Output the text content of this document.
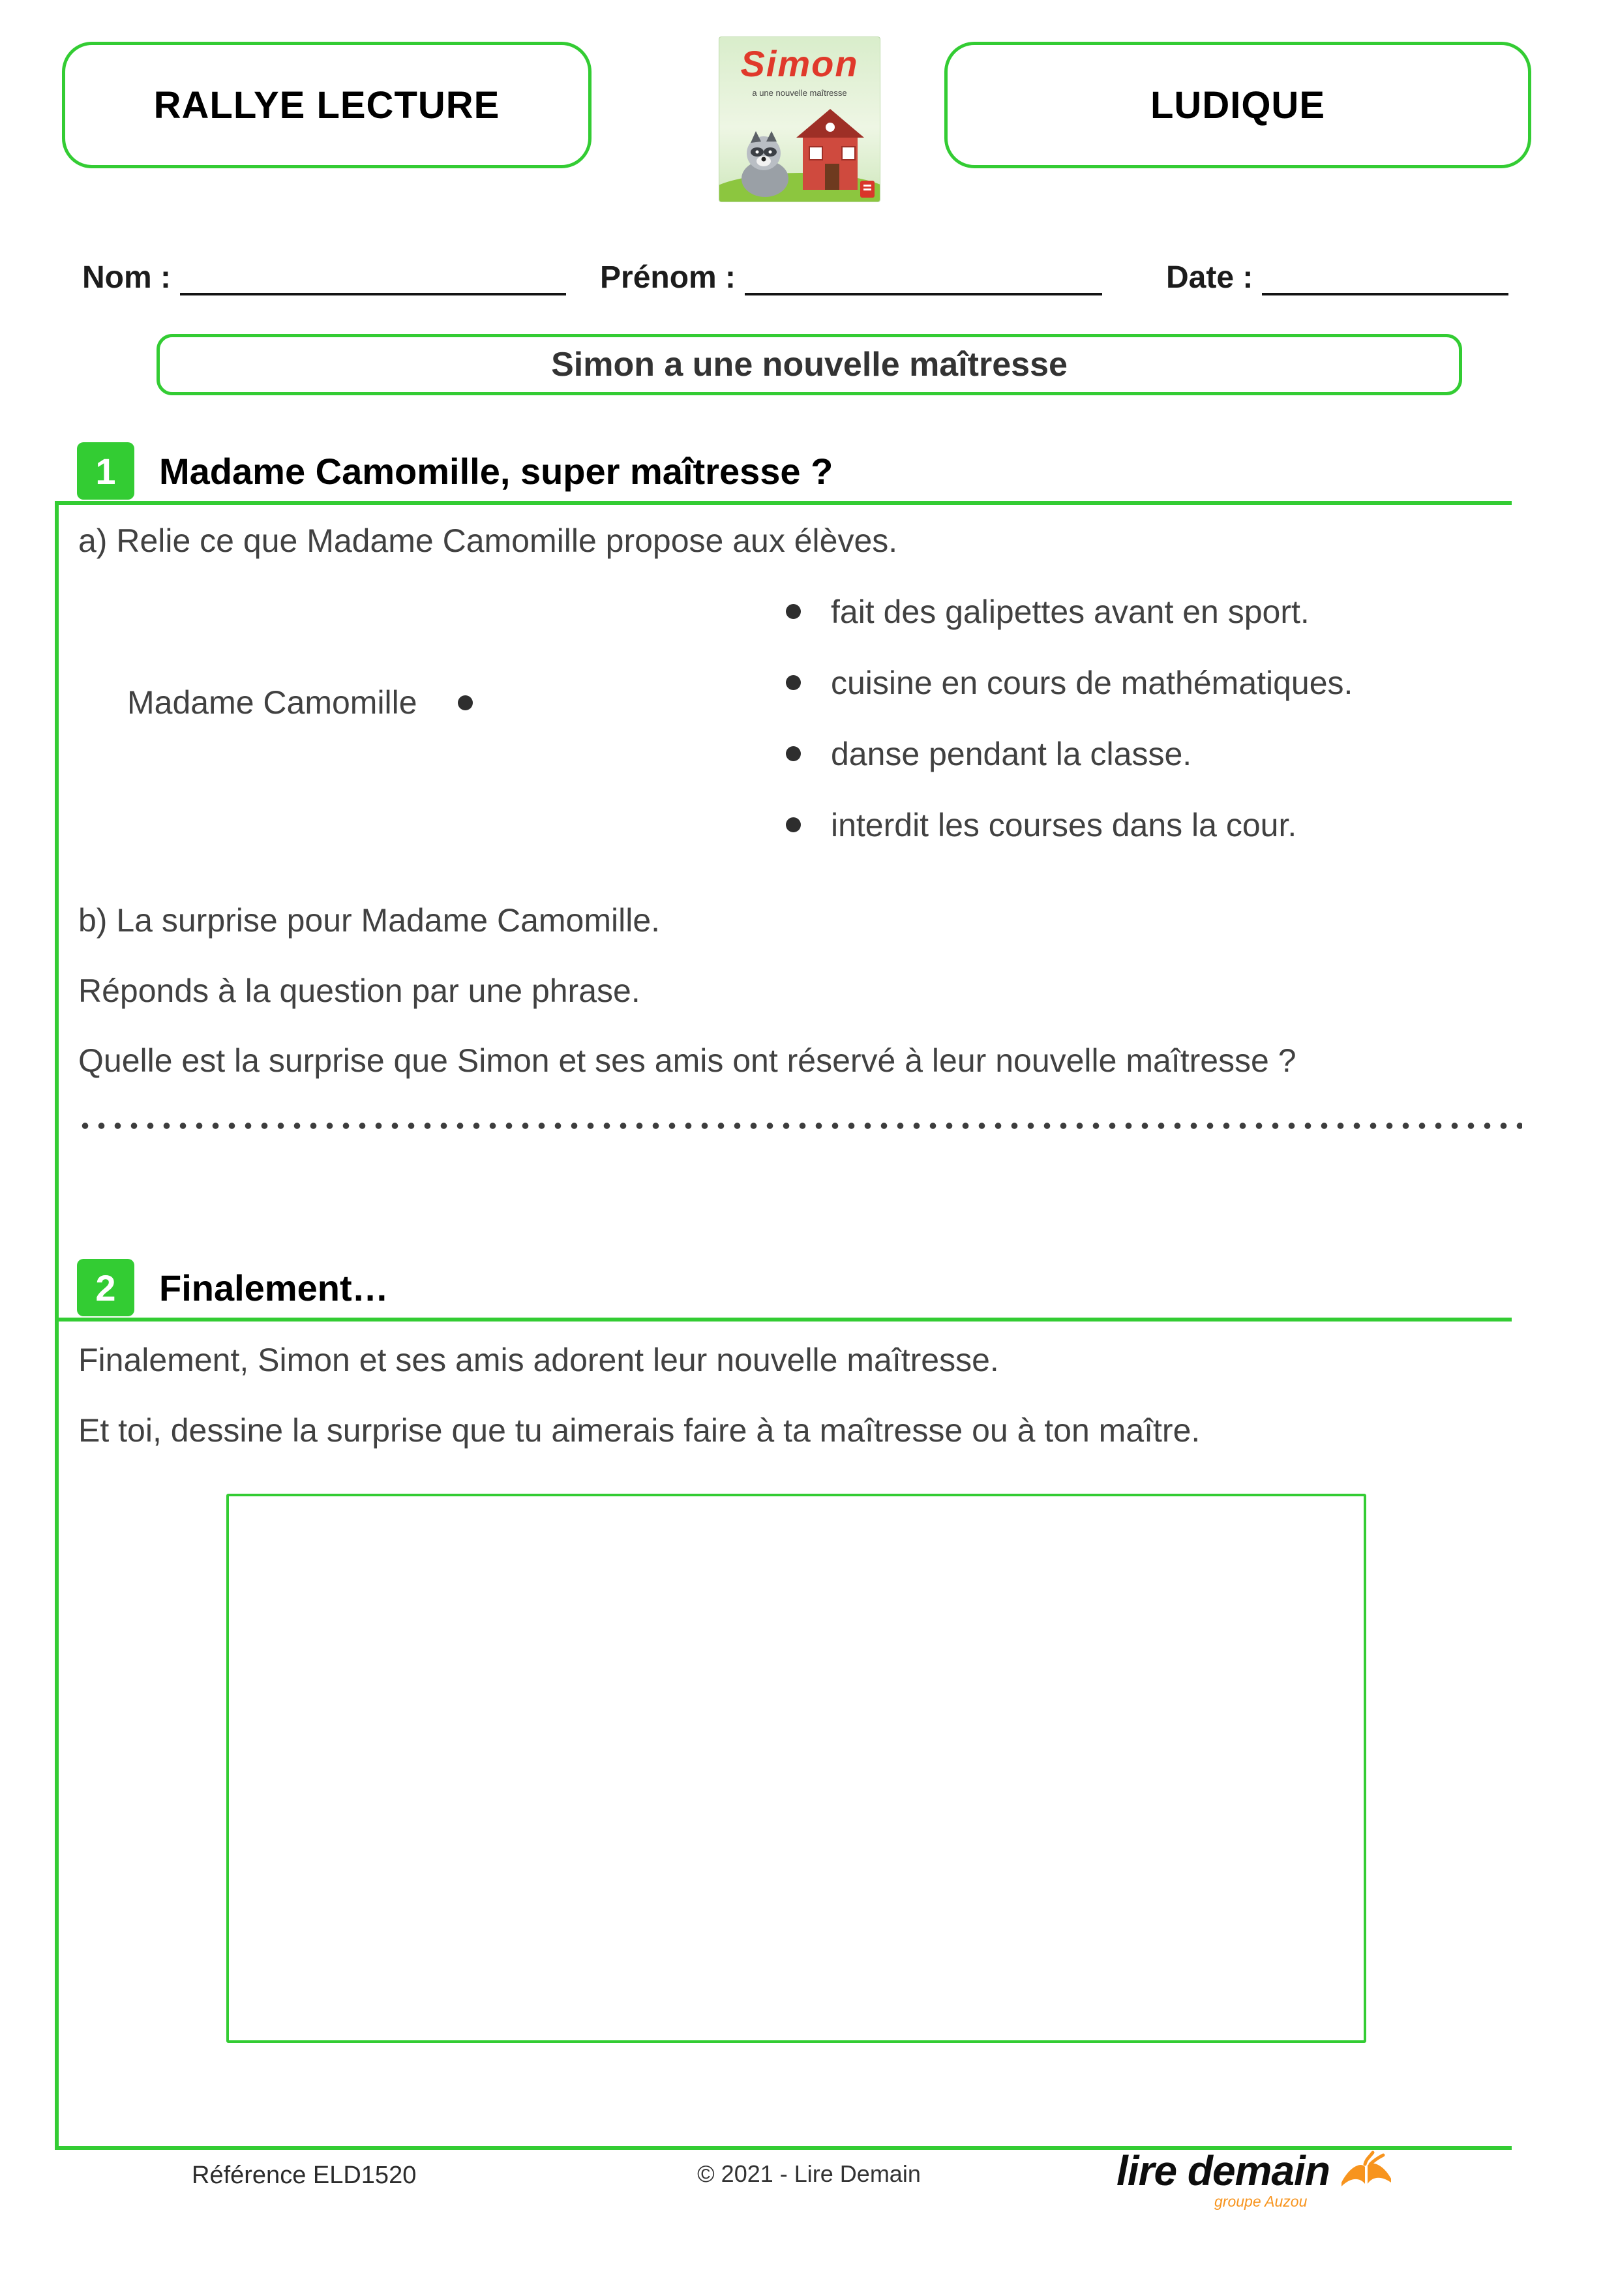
RALLYE LECTURE
Simon
a une nouvelle maîtresse	LUDIQUE
Nom :	Prénom :	Date :
Simon a une nouvelle maîtresse
1 Madame Camomille, super maîtresse ?
a) Relie ce que Madame Camomille propose aux élèves.
Madame Camomille
fait des galipettes avant en sport.
cuisine en cours de mathématiques.
danse pendant la classe.
interdit les courses dans la cour.
b) La surprise pour Madame Camomille.
Réponds à la question par une phrase.
Quelle est la surprise que Simon et ses amis ont réservé à leur nouvelle maîtresse ?
2 Finalement…
Finalement, Simon et ses amis adorent leur nouvelle maîtresse.
Et toi, dessine la surprise que tu aimerais faire à ta maîtresse ou à ton maître.
Référence ELD1520	© 2021 - Lire Demain	lire demain
groupe Auzou
